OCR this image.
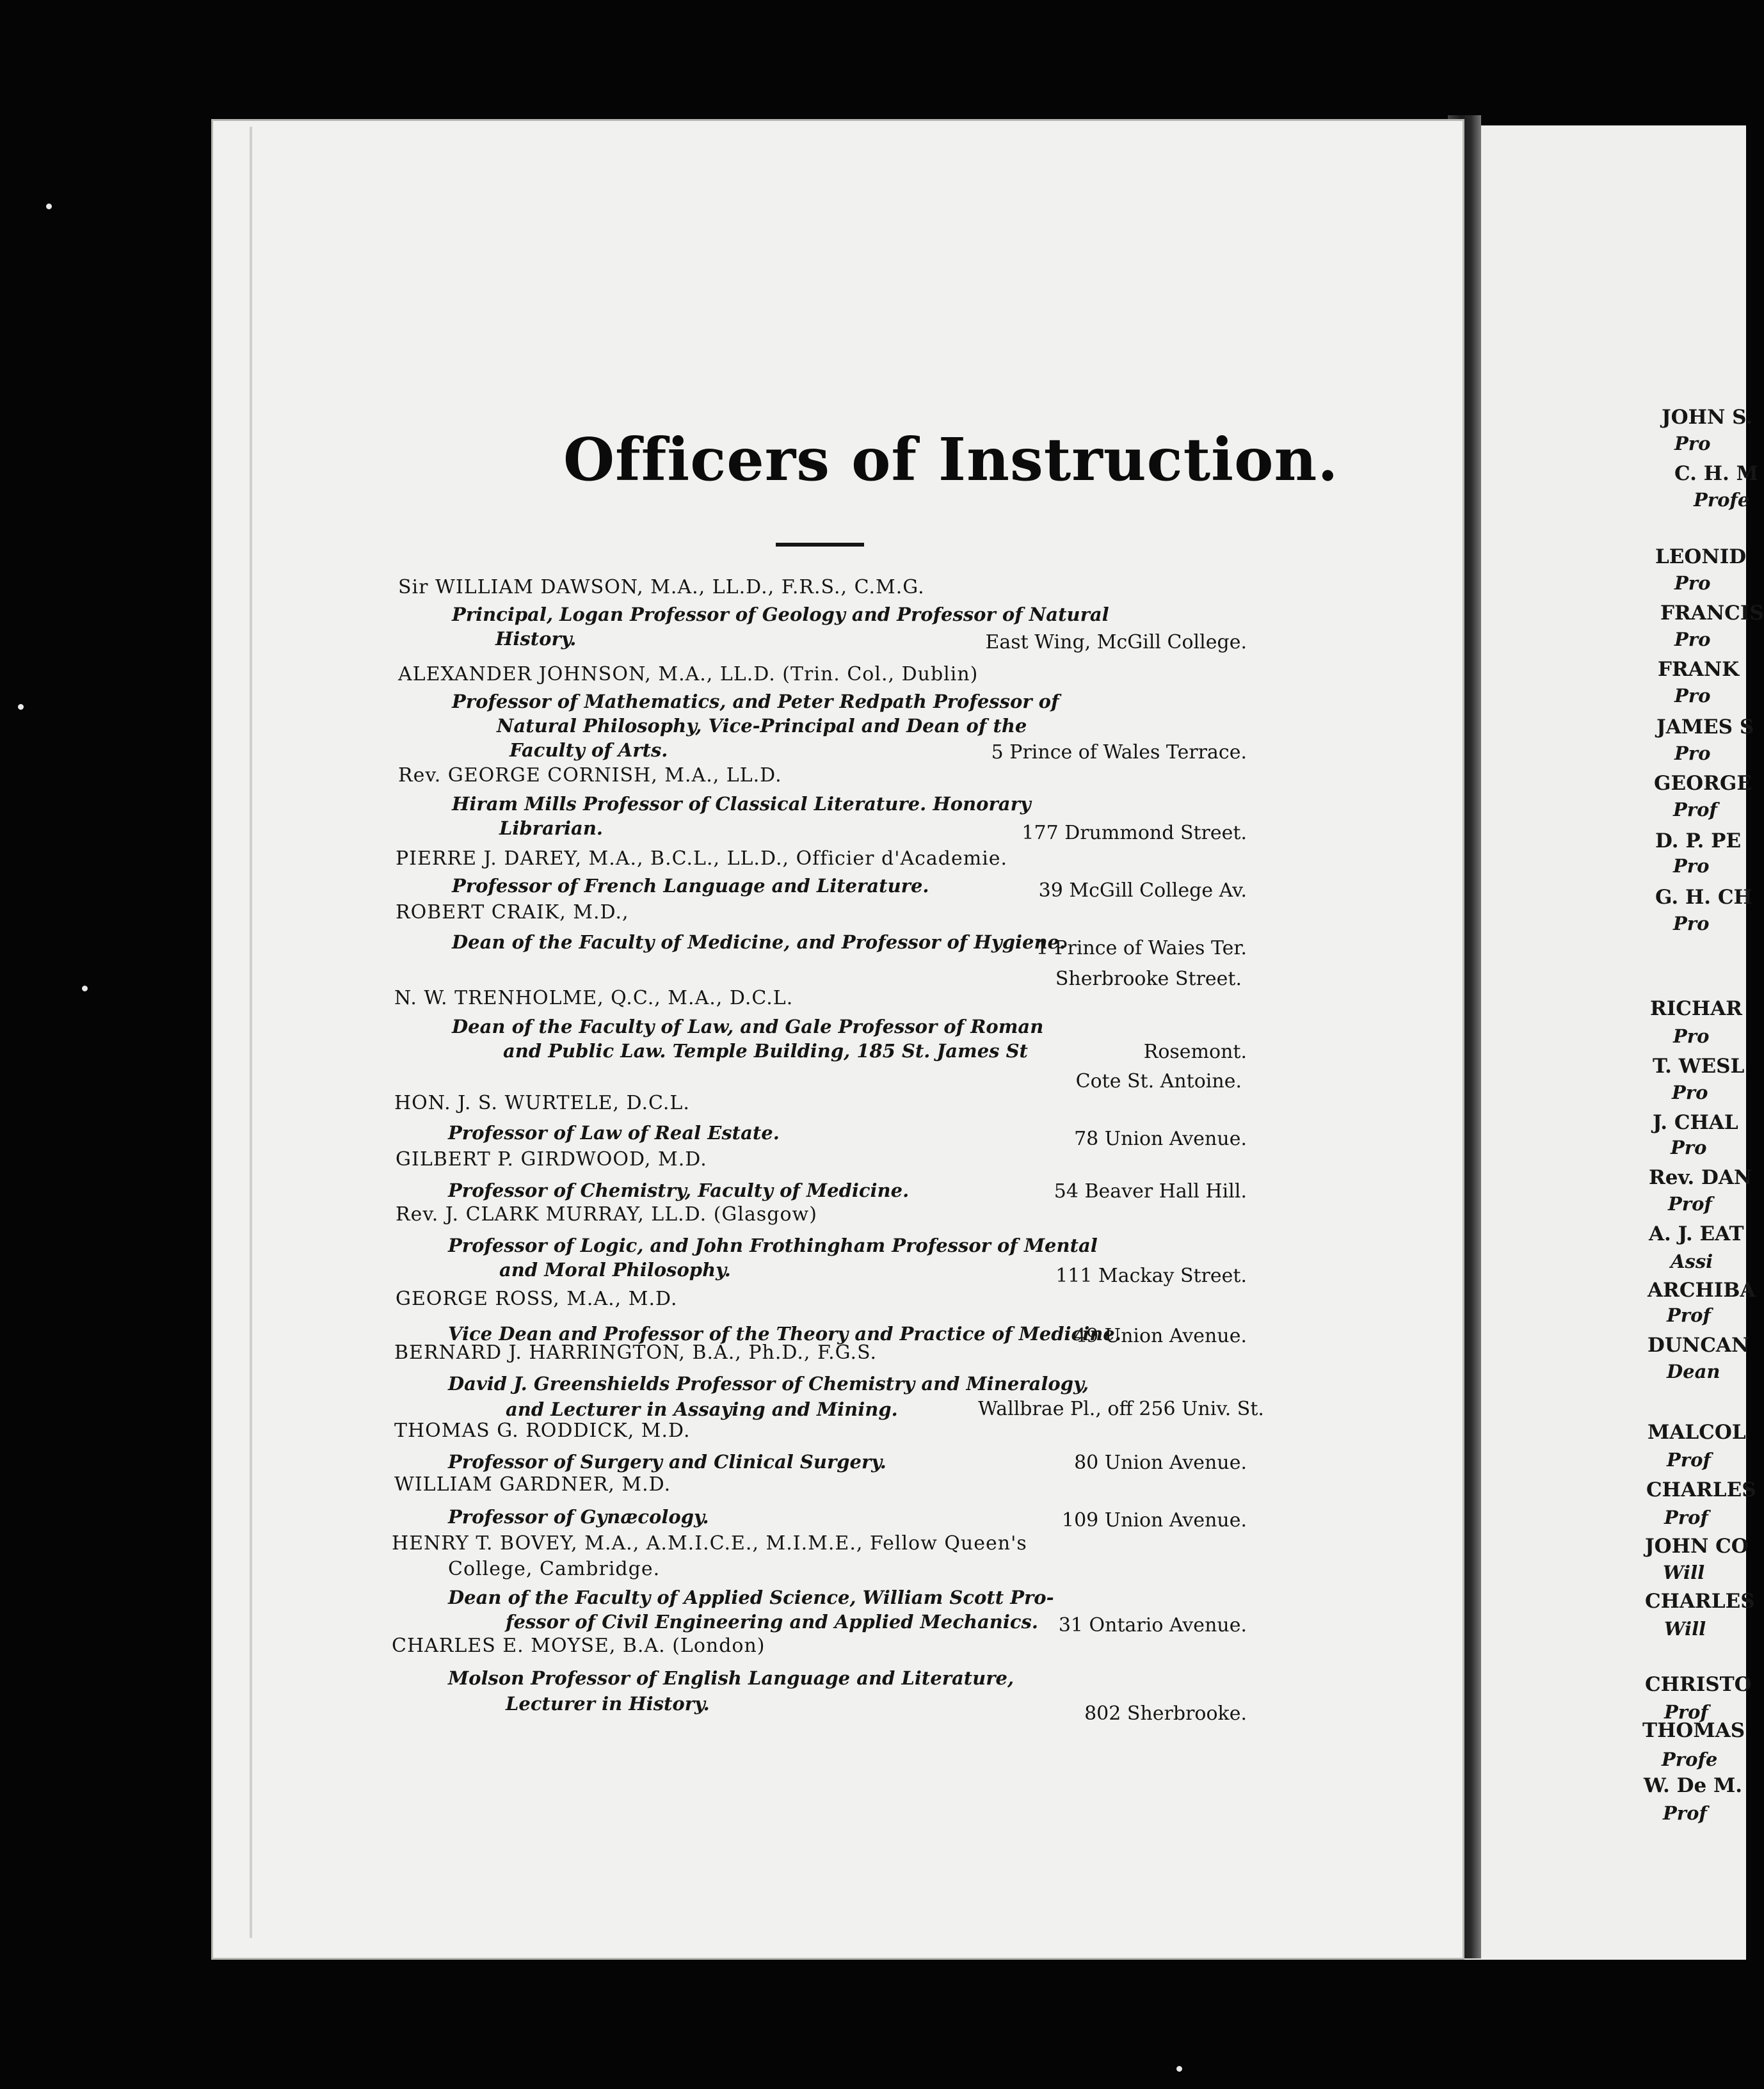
Officers of Instruction.
Sir WILLIAM DAWSON, M.A., LL.D., F.R.S., C.M.G.
Principal, Logan Professor of Geology and Professor of Natural
History.	East Wing, McGill College.
ALEXANDER JOHNSON, M.A., LL.D. (Trin. Col., Dublin)
Professor of Mathematics, and Peter Redpath Professor of
Natural Philosophy, Vice-Principal and Dean of the
Faculty of Arts.	5 Prince of Wales Terrace.
Rev. GEORGE CORNISH, M.A., LL.D.
Hiram Mills Professor of Classical Literature. Honorary
Librarian.	177 Drummond Street.
PIERRE J. DAREY, M.A., B.C.L., LL.D., Officier d'Academie.
Professor of French Language and Literature.	39 McGill College Av.
ROBERT CRAIK, M.D.,
Dean of the Faculty of Medicine, and Professor of Hygiene.
1 Prince of Waies Ter.
Sherbrooke Street.
N. W. TRENHOLME, Q.C., M.A., D.C.L.
Dean of the Faculty of Law, and Gale Professor of Roman
and Public Law. Temple Building, 185 St. James St	Rosemont.
Cote St. Antoine.
HON. J. S. WURTELE, D.C.L.
Professor of Law of Real Estate.	78 Union Avenue.
GILBERT P. GIRDWOOD, M.D.
Professor of Chemistry, Faculty of Medicine.	54 Beaver Hall Hill.
Rev. J. CLARK MURRAY, LL.D. (Glasgow)
Professor of Logic, and John Frothingham Professor of Mental
and Moral Philosophy.	111 Mackay Street.
GEORGE ROSS, M.A., M.D.
Vice Dean and Professor of the Theory and Practice of Medicine.
49 Union Avenue.
BERNARD J. HARRINGTON, B.A., Ph.D., F.G.S.
David J. Greenshields Professor of Chemistry and Mineralogy,
and Lecturer in Assaying and Mining.	Wallbrae Pl., off 256 Univ. St.
THOMAS G. RODDICK, M.D.
Professor of Surgery and Clinical Surgery.	80 Union Avenue.
WILLIAM GARDNER, M.D.
Professor of Gynæcology.	109 Union Avenue.
HENRY T. BOVEY, M.A., A.M.I.C.E., M.I.M.E., Fellow Queen's
College, Cambridge.
Dean of the Faculty of Applied Science, William Scott Pro-
fessor of Civil Engineering and Applied Mechanics.	31 Ontario Avenue.
CHARLES E. MOYSE, B.A. (London)
Molson Professor of English Language and Literature,
Lecturer in History.	802 Sherbrooke.
JOHN S.
Pro
C. H. M
Profe
LEONID
Pro
FRANCIS
Pro
FRANK
Pro
JAMES S
Pro
GEORGE
Prof
D. P. PE
Pro
G. H. CH
Pro
RICHAR
Pro
T. WESL
Pro
J. CHAL
Pro
Rev. DAN
Prof
A. J. EAT
Assi
ARCHIBA
Prof
DUNCAN
Dean
MALCOL
Prof
CHARLES
Prof
JOHN CO
Will
CHARLES
Will
CHRISTO
Prof
THOMAS
Profe
W. De M.
Prof
